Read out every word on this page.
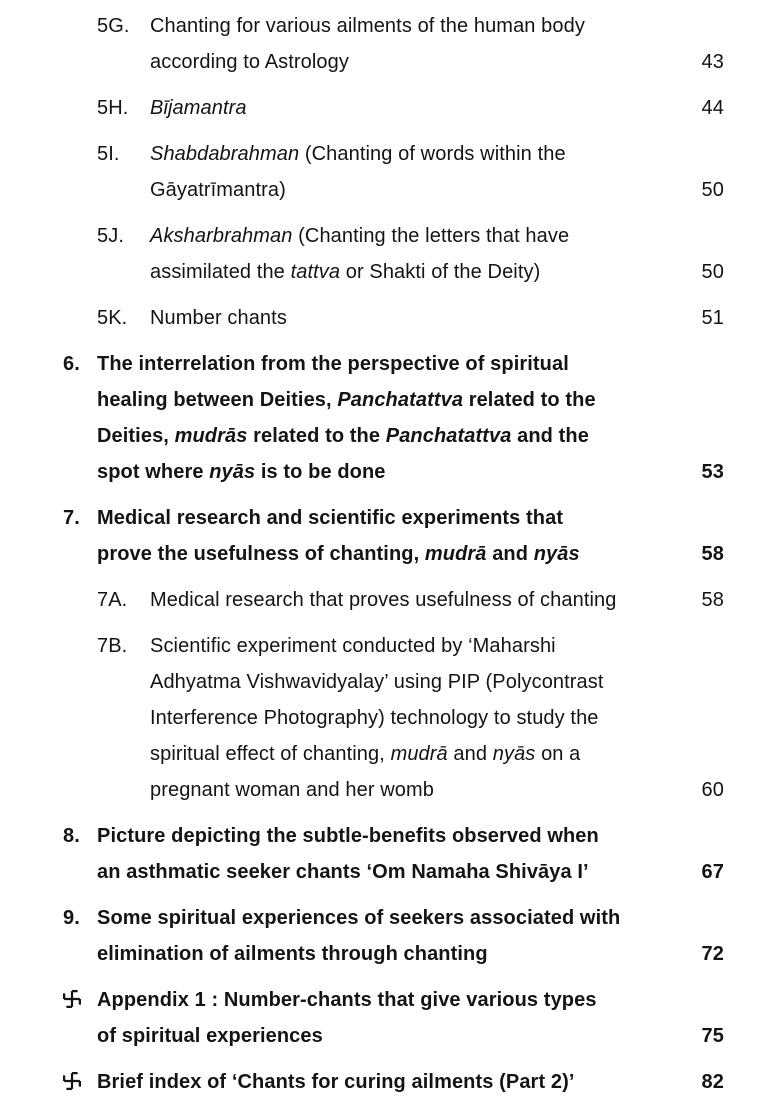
5G.	Chanting for various ailments of the human body
according to Astrology	43
5H.	Bījamantra	44
5I.	Shabdabrahman (Chanting of words within the
Gāyatrīmantra)	50
5J.	Aksharbrahman (Chanting the letters that have
assimilated the tattva or Shakti of the Deity)	50
5K.	Number chants	51
6. The interrelation from the perspective of spiritual
healing between Deities, Panchatattva related to the
Deities, mudrās related to the Panchatattva and the
spot where nyās is to be done	53
7. Medical research and scientific experiments that
prove the usefulness of chanting, mudrā and nyās	58
7A.	Medical research that proves usefulness of chanting	58
7B.	Scientific experiment conducted by ‘Maharshi
Adhyatma Vishwavidyalay’ using PIP (Polycontrast
Interference Photography) technology to study the
spiritual effect of chanting, mudrā and nyās on a
pregnant woman and her womb	60
8. Picture depicting the subtle-benefits observed when
an asthmatic seeker chants ‘Om Namaha Shivāya I’	67
9. Some spiritual experiences of seekers associated with
elimination of ailments through chanting	72
Appendix 1 : Number-chants that give various types
of spiritual experiences	75
Brief index of ‘Chants for curing ailments (Part 2)’	82
